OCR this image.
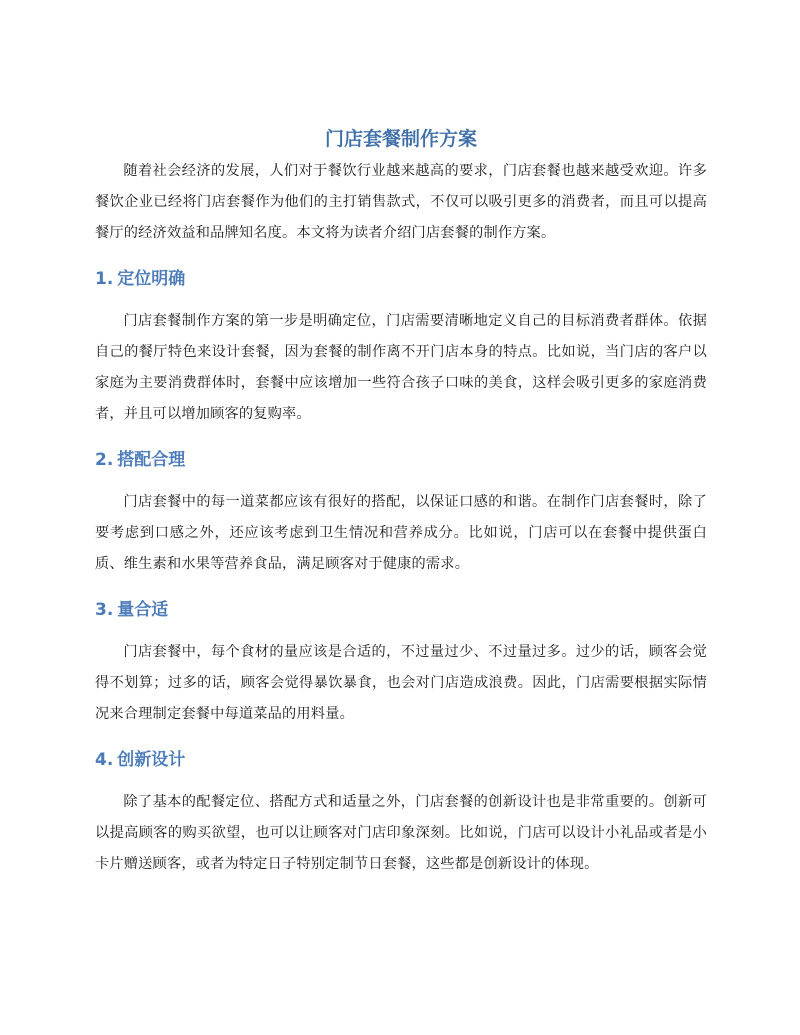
门店套餐制作方案

随着社会经济的发展，人们对于餐饮行业越来越高的要求，门店套餐也越来越受欢迎。许多餐饮企业已经将门店套餐作为他们的主打销售款式，不仅可以吸引更多的消费者，而且可以提高餐厅的经济效益和品牌知名度。本文将为读者介绍门店套餐的制作方案。

1. 定位明确

门店套餐制作方案的第一步是明确定位，门店需要清晰地定义自己的目标消费者群体。依据自己的餐厅特色来设计套餐，因为套餐的制作离不开门店本身的特点。比如说，当门店的客户以家庭为主要消费群体时，套餐中应该增加一些符合孩子口味的美食，这样会吸引更多的家庭消费者，并且可以增加顾客的复购率。

2. 搭配合理

门店套餐中的每一道菜都应该有很好的搭配，以保证口感的和谐。在制作门店套餐时，除了要考虑到口感之外，还应该考虑到卫生情况和营养成分。比如说，门店可以在套餐中提供蛋白质、维生素和水果等营养食品，满足顾客对于健康的需求。

3. 量合适

门店套餐中，每个食材的量应该是合适的，不过量过少、不过量过多。过少的话，顾客会觉得不划算；过多的话，顾客会觉得暴饮暴食，也会对门店造成浪费。因此，门店需要根据实际情况来合理制定套餐中每道菜品的用料量。

4. 创新设计

除了基本的配餐定位、搭配方式和适量之外，门店套餐的创新设计也是非常重要的。创新可以提高顾客的购买欲望，也可以让顾客对门店印象深刻。比如说，门店可以设计小礼品或者是小卡片赠送顾客，或者为特定日子特别定制节日套餐，这些都是创新设计的体现。
